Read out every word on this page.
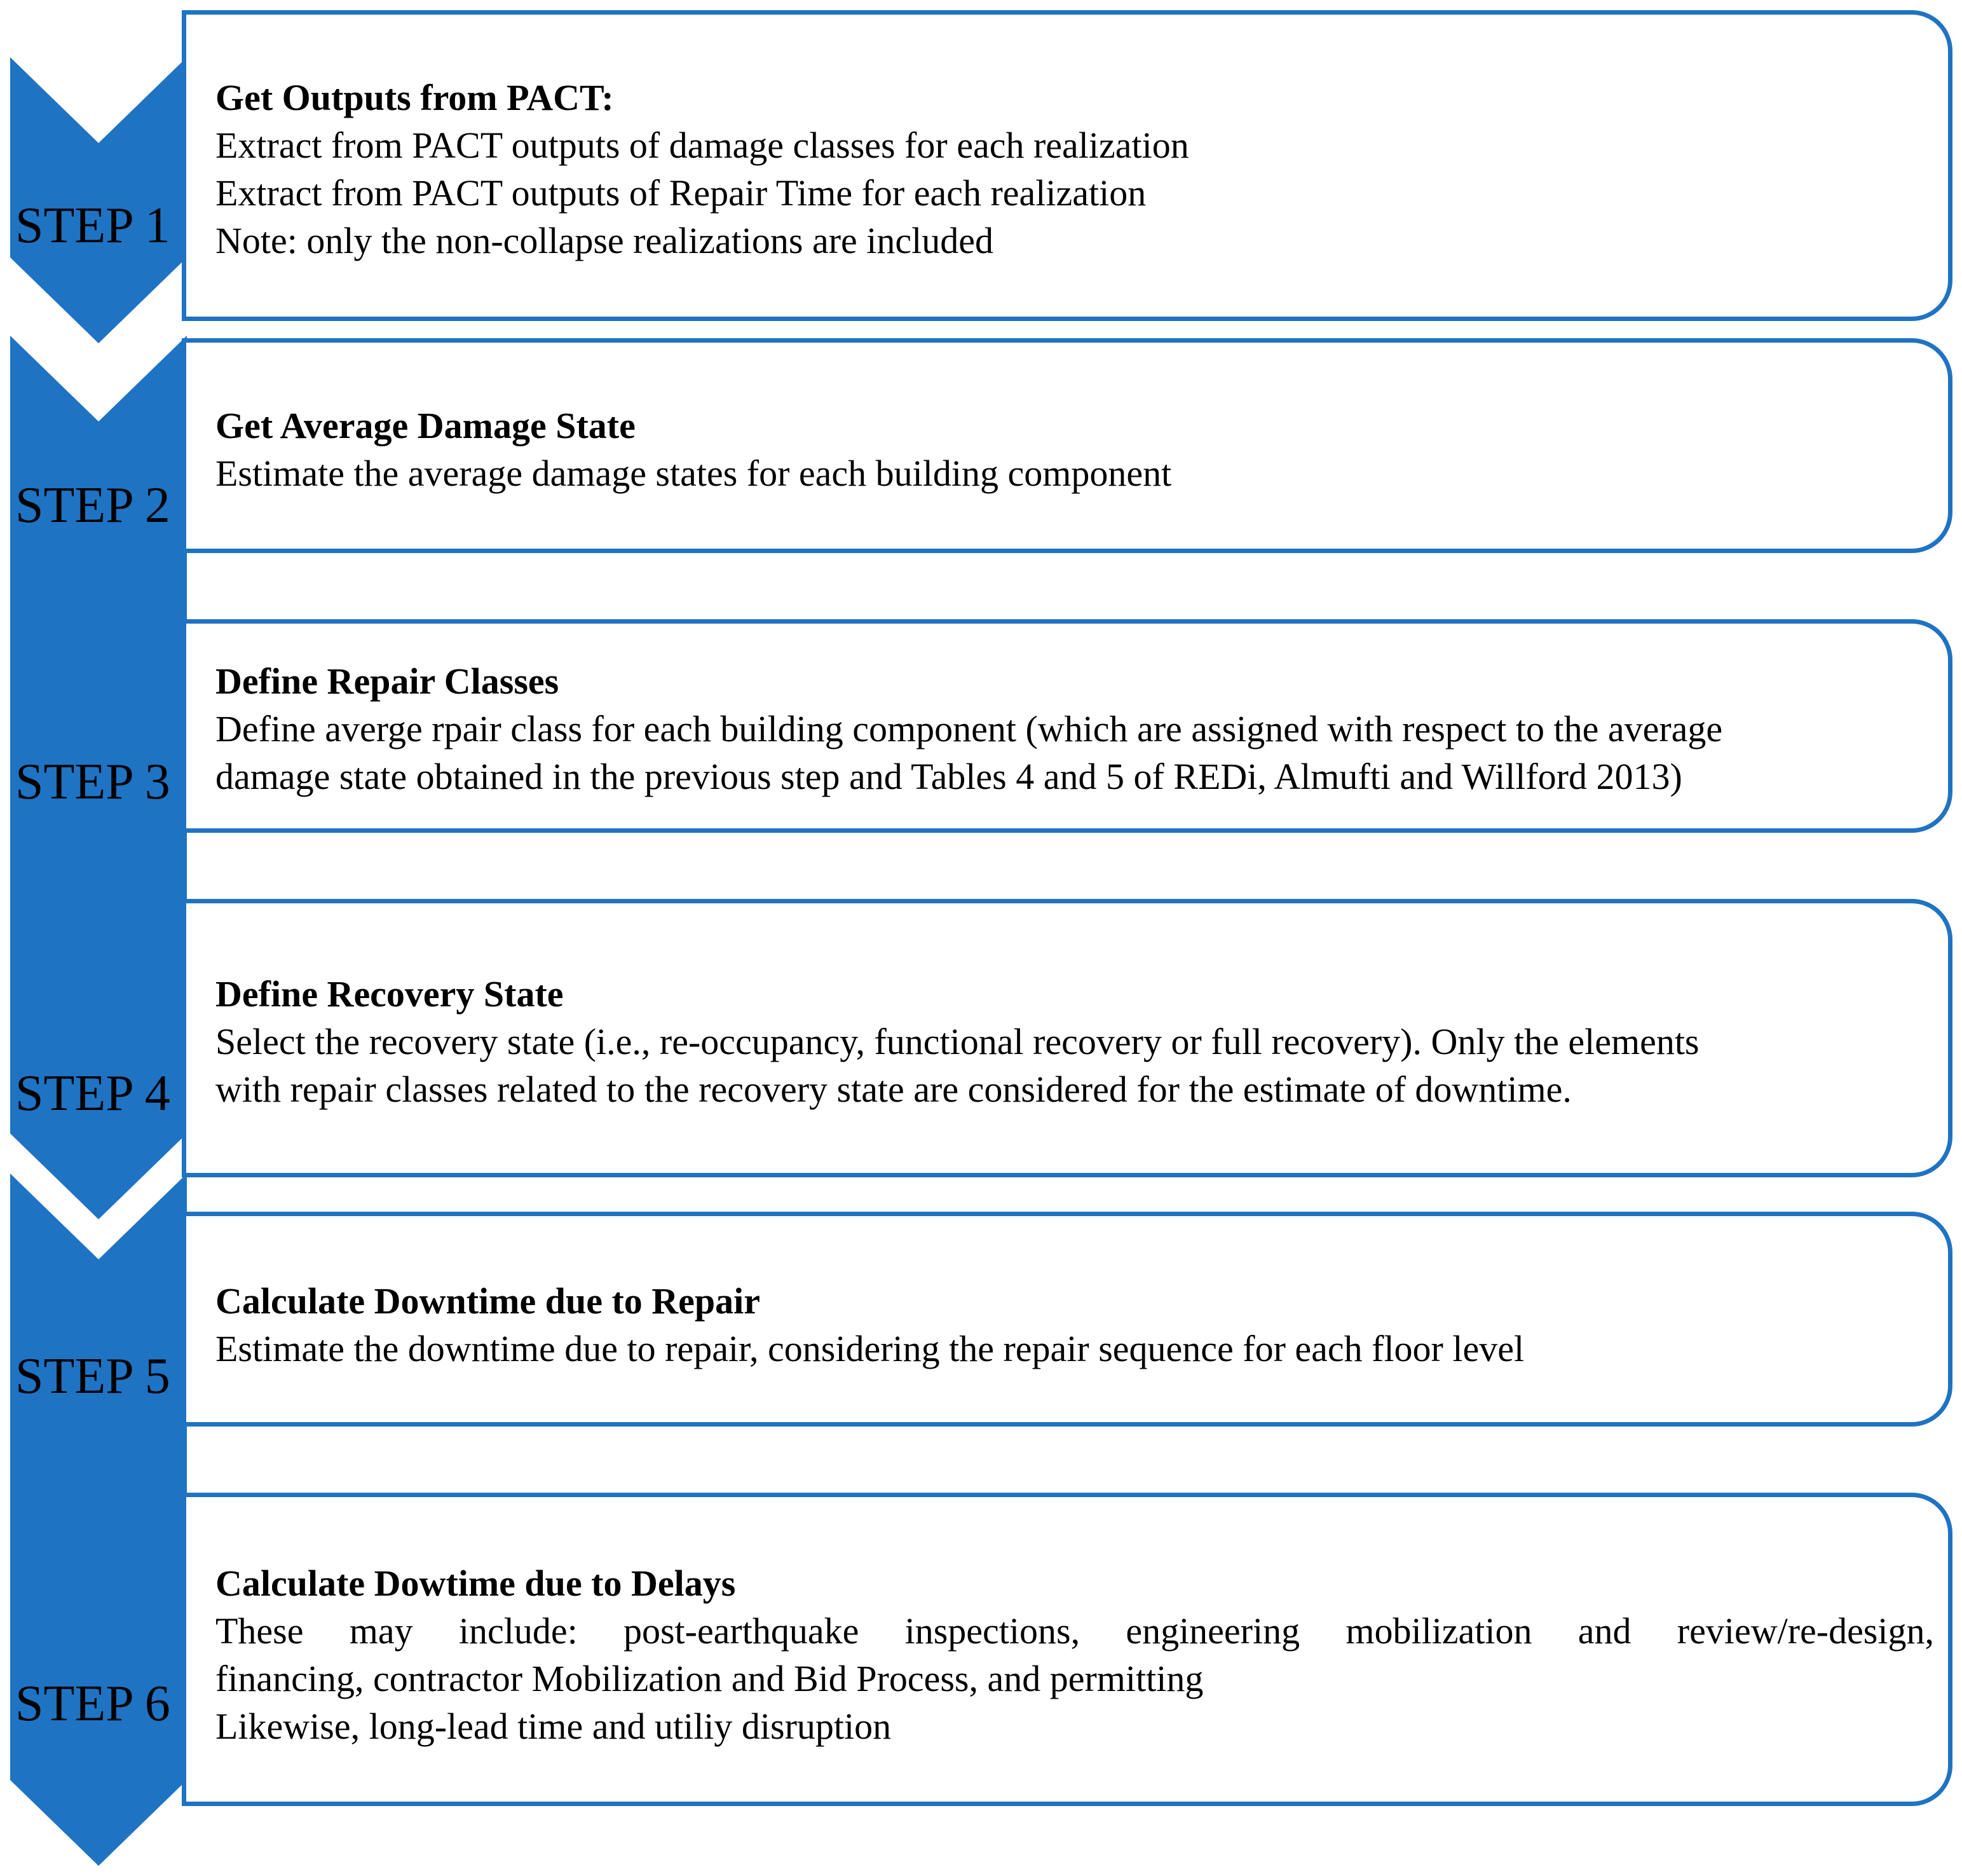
STEP 1
Get Outputs from PACT:
Extract from PACT outputs of damage classes for each realization
Extract from PACT outputs of Repair Time for each realization
Note: only the non-collapse realizations are included
STEP 2
Get Average Damage State
Estimate the average damage states for each building component
STEP 3
Define Repair Classes
Define averge rpair class for each building component (which are assigned with respect to the average
damage state obtained in the previous step and Tables 4 and 5 of REDi, Almufti and Willford 2013)
STEP 4
Define Recovery State
Select the recovery state (i.e., re-occupancy, functional recovery or full recovery). Only the elements
with repair classes related to the recovery state are considered for the estimate of downtime.
STEP 5
Calculate Downtime due to Repair
Estimate the downtime due to repair, considering the repair sequence for each floor level
STEP 6
Calculate Dowtime due to Delays
These may include: post-earthquake inspections, engineering mobilization and review/re-design,
financing, contractor Mobilization and Bid Process, and permitting
Likewise, long-lead time and utiliy disruption
